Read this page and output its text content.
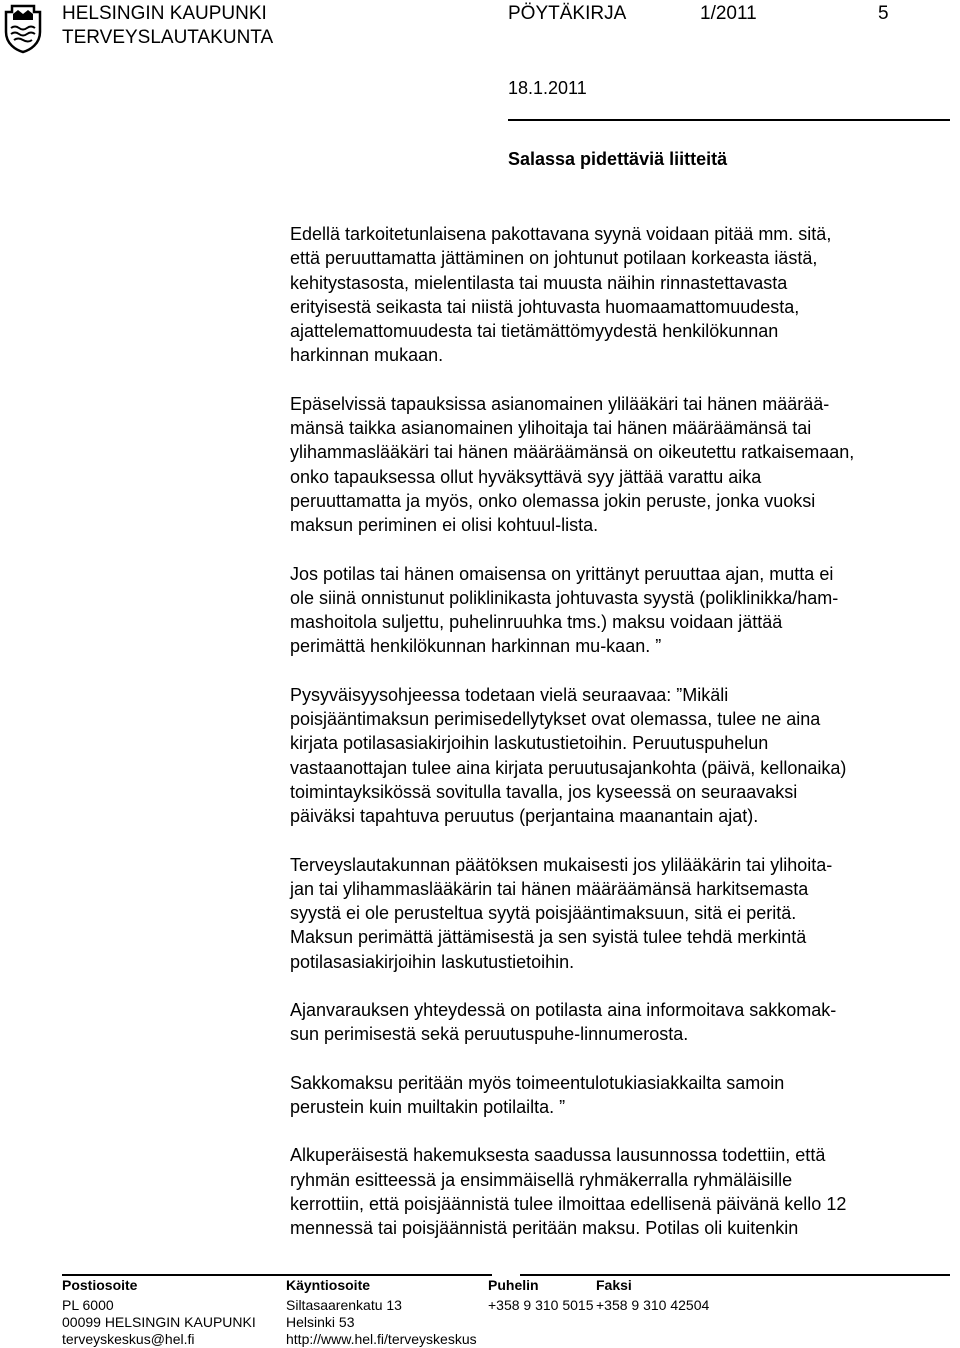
HELSINGIN KAUPUNKI
TERVEYSLAUTAKUNTA
PÖYTÄKIRJA	1/2011	5
18.1.2011
Salassa pidettäviä liitteitä

Edellä tarkoitetunlaisena pakottavana syynä voidaan pitää mm. sitä,
että peruuttamatta jättäminen on johtunut potilaan korkeasta iästä,
kehitystasosta, mielentilasta tai muusta näihin rinnastettavasta
erityisestä seikasta tai niistä johtuvasta huomaamattomuudesta,
ajattelemattomuudesta tai tietämättömyydestä henkilökunnan
harkinnan mukaan.

Epäselvissä tapauksissa asianomainen ylilääkäri tai hänen määrää-
mänsä taikka asianomainen ylihoitaja tai hänen määräämänsä tai
ylihammaslääkäri tai hänen määräämänsä on oikeutettu ratkaisemaan,
onko tapauksessa ollut hyväksyttävä syy jättää varattu aika
peruuttamatta ja myös, onko olemassa jokin peruste, jonka vuoksi
maksun periminen ei olisi kohtuul-lista.

Jos potilas tai hänen omaisensa on yrittänyt peruuttaa ajan, mutta ei
ole siinä onnistunut poliklinikasta johtuvasta syystä (poliklinikka/ham-
mashoitola suljettu, puhelinruuhka tms.) maksu voidaan jättää
perimättä henkilökunnan harkinnan mu-kaan. ”

Pysyväisyysohjeessa todetaan vielä seuraavaa: ”Mikäli
poisjääntimaksun perimisedellytykset ovat olemassa, tulee ne aina
kirjata potilasasiakirjoihin laskutustietoihin. Peruutuspuhelun
vastaanottajan tulee aina kirjata peruutusajankohta (päivä, kellonaika)
toimintayksikössä sovitulla tavalla, jos kyseessä on seuraavaksi
päiväksi tapahtuva peruutus (perjantaina maanantain ajat).

Terveyslautakunnan päätöksen mukaisesti jos ylilääkärin tai ylihoita-
jan tai ylihammaslääkärin tai hänen määräämänsä harkitsemasta
syystä ei ole perusteltua syytä poisjääntimaksuun, sitä ei peritä.
Maksun perimättä jättämisestä ja sen syistä tulee tehdä merkintä
potilasasiakirjoihin laskutustietoihin.

Ajanvarauksen yhteydessä on potilasta aina informoitava sakkomak-
sun perimisestä sekä peruutuspuhe-linnumerosta.

Sakkomaksu peritään myös toimeentulotukiasiakkailta samoin
perustein kuin muiltakin potilailta. ”

Alkuperäisestä hakemuksesta saadussa lausunnossa todettiin, että
ryhmän esitteessä ja ensimmäisellä ryhmäkerralla ryhmäläisille
kerrottiin, että poisjäännistä tulee ilmoittaa edellisenä päivänä kello 12
mennessä tai poisjäännistä peritään maksu. Potilas oli kuitenkin

Postiosoite
PL 6000
00099 HELSINGIN KAUPUNKI
terveyskeskus@hel.fi
Käyntiosoite
Siltasaarenkatu 13
Helsinki 53
http://www.hel.fi/terveyskeskus
Puhelin
+358 9 310 5015
Faksi
+358 9 310 42504
